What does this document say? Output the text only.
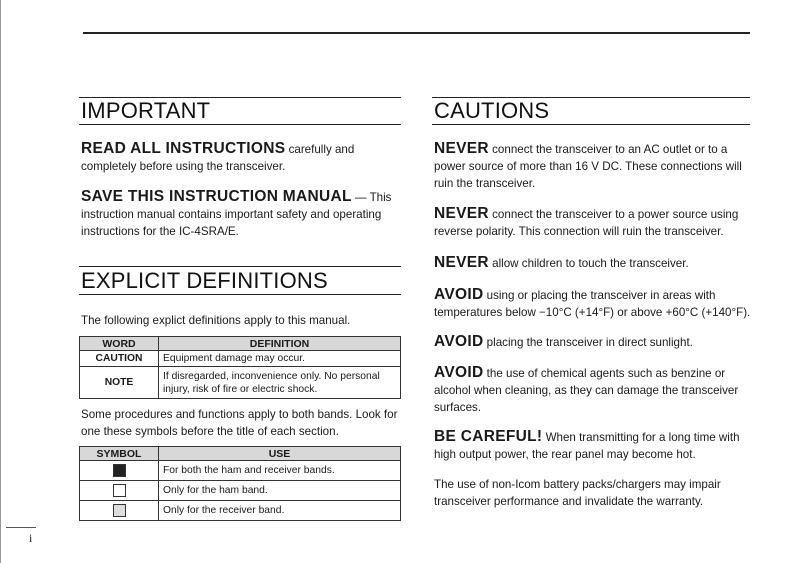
IMPORTANT
READ ALL INSTRUCTIONS carefully and completely before using the transceiver.
SAVE THIS INSTRUCTION MANUAL — This instruction manual contains important safety and operating instructions for the IC-4SRA/E.
EXPLICIT DEFINITIONS
The following explict definitions apply to this manual.
WORD	DEFINITION
CAUTION	Equipment damage may occur.
NOTE	If disregarded, inconvenience only. No personal injury, risk of fire or electric shock.
Some procedures and functions apply to both bands. Look for one these symbols before the title of each section.
SYMBOL	USE
	For both the ham and receiver bands.
	Only for the ham band.
	Only for the receiver band.
CAUTIONS
NEVER connect the transceiver to an AC outlet or to a power source of more than 16 V DC. These connections will ruin the transceiver.
NEVER connect the transceiver to a power source using reverse polarity. This connection will ruin the transceiver.
NEVER allow children to touch the transceiver.
AVOID using or placing the transceiver in areas with temperatures below −10°C (+14°F) or above +60°C (+140°F).
AVOID placing the transceiver in direct sunlight.
AVOID the use of chemical agents such as benzine or alcohol when cleaning, as they can damage the transceiver surfaces.
BE CAREFUL! When transmitting for a long time with high output power, the rear panel may become hot.
The use of non-Icom battery packs/chargers may impair transceiver performance and invalidate the warranty.
i
